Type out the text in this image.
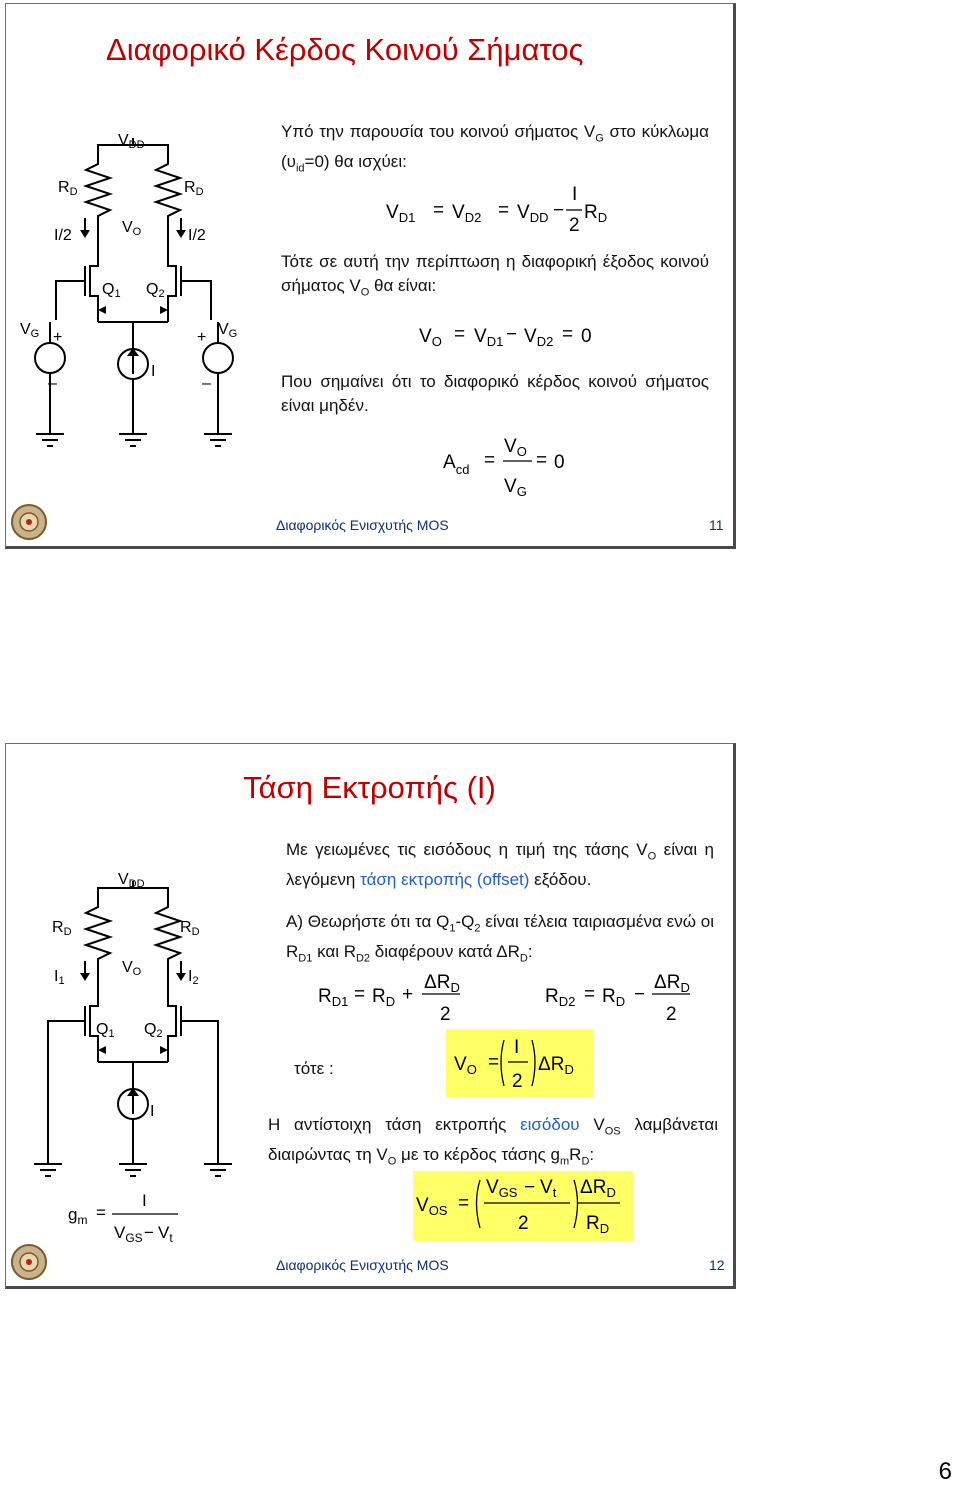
Διαφορικό Κέρδος Κοινού Σήματος
VDD
RD	RD
I/2	I/2
VO
Q1 Q2
VG	VG
+	+
–	–
I
Υπό την παρουσία του κοινού σήματος $V_G$ στο κύκλωμα $(\upsilon_{id}=0)$ θα ισχύει:
$V_{D1} = V_{D2} = V_{DD}$ −
I
2
$R_D$
$V_O = V_{D1} - V_{D2} = 0$
$A_{cd}$ =
$V_O$
$V_G$
= 0
Τότε σε αυτή την περίπτωση η διαφορική έξοδος κοινού σήματος $V_O$ θα είναι:
Που σημαίνει ότι το διαφορικό κέρδος κοινού σήματος είναι μηδέν.
Διαφορικός Ενισχυτής MOS	11
Τάση Εκτροπής (Ι)
VDD
RD	RD
I1	I2
VO
Q1 Q2
I
$g_m$ =
I
$V_{GS} - V_t$
Με γειωμένες τις εισόδους η τιμή της τάσης $V_O$ είναι η λεγόμενη τάση εκτροπής (offset) εξόδου.
Α) Θεωρήστε ότι τα $Q_1-Q_2$ είναι τέλεια ταιριασμένα ενώ οι $R_{D1}$ και $R_{D2}$ διαφέρουν κατά $\Delta R_D$:
τότε :
Η αντίστοιχη τάση εκτροπής εισόδου $V_{OS}$ λαμβάνεται διαιρώντας τη $V_O$ με το κέρδος τάσης $g_mR_D$:
$R_{D1} = R_D$ +
$\Delta R_D$
2
$R_{D2} = R_D$ −
$\Delta R_D$
2
$V_O$ =
I
2
$\Delta R_D$
$V_{OS}$ =
$V_{GS} - V_t$
2
$\Delta R_D$
$R_D$
Διαφορικός Ενισχυτής MOS	12
6
